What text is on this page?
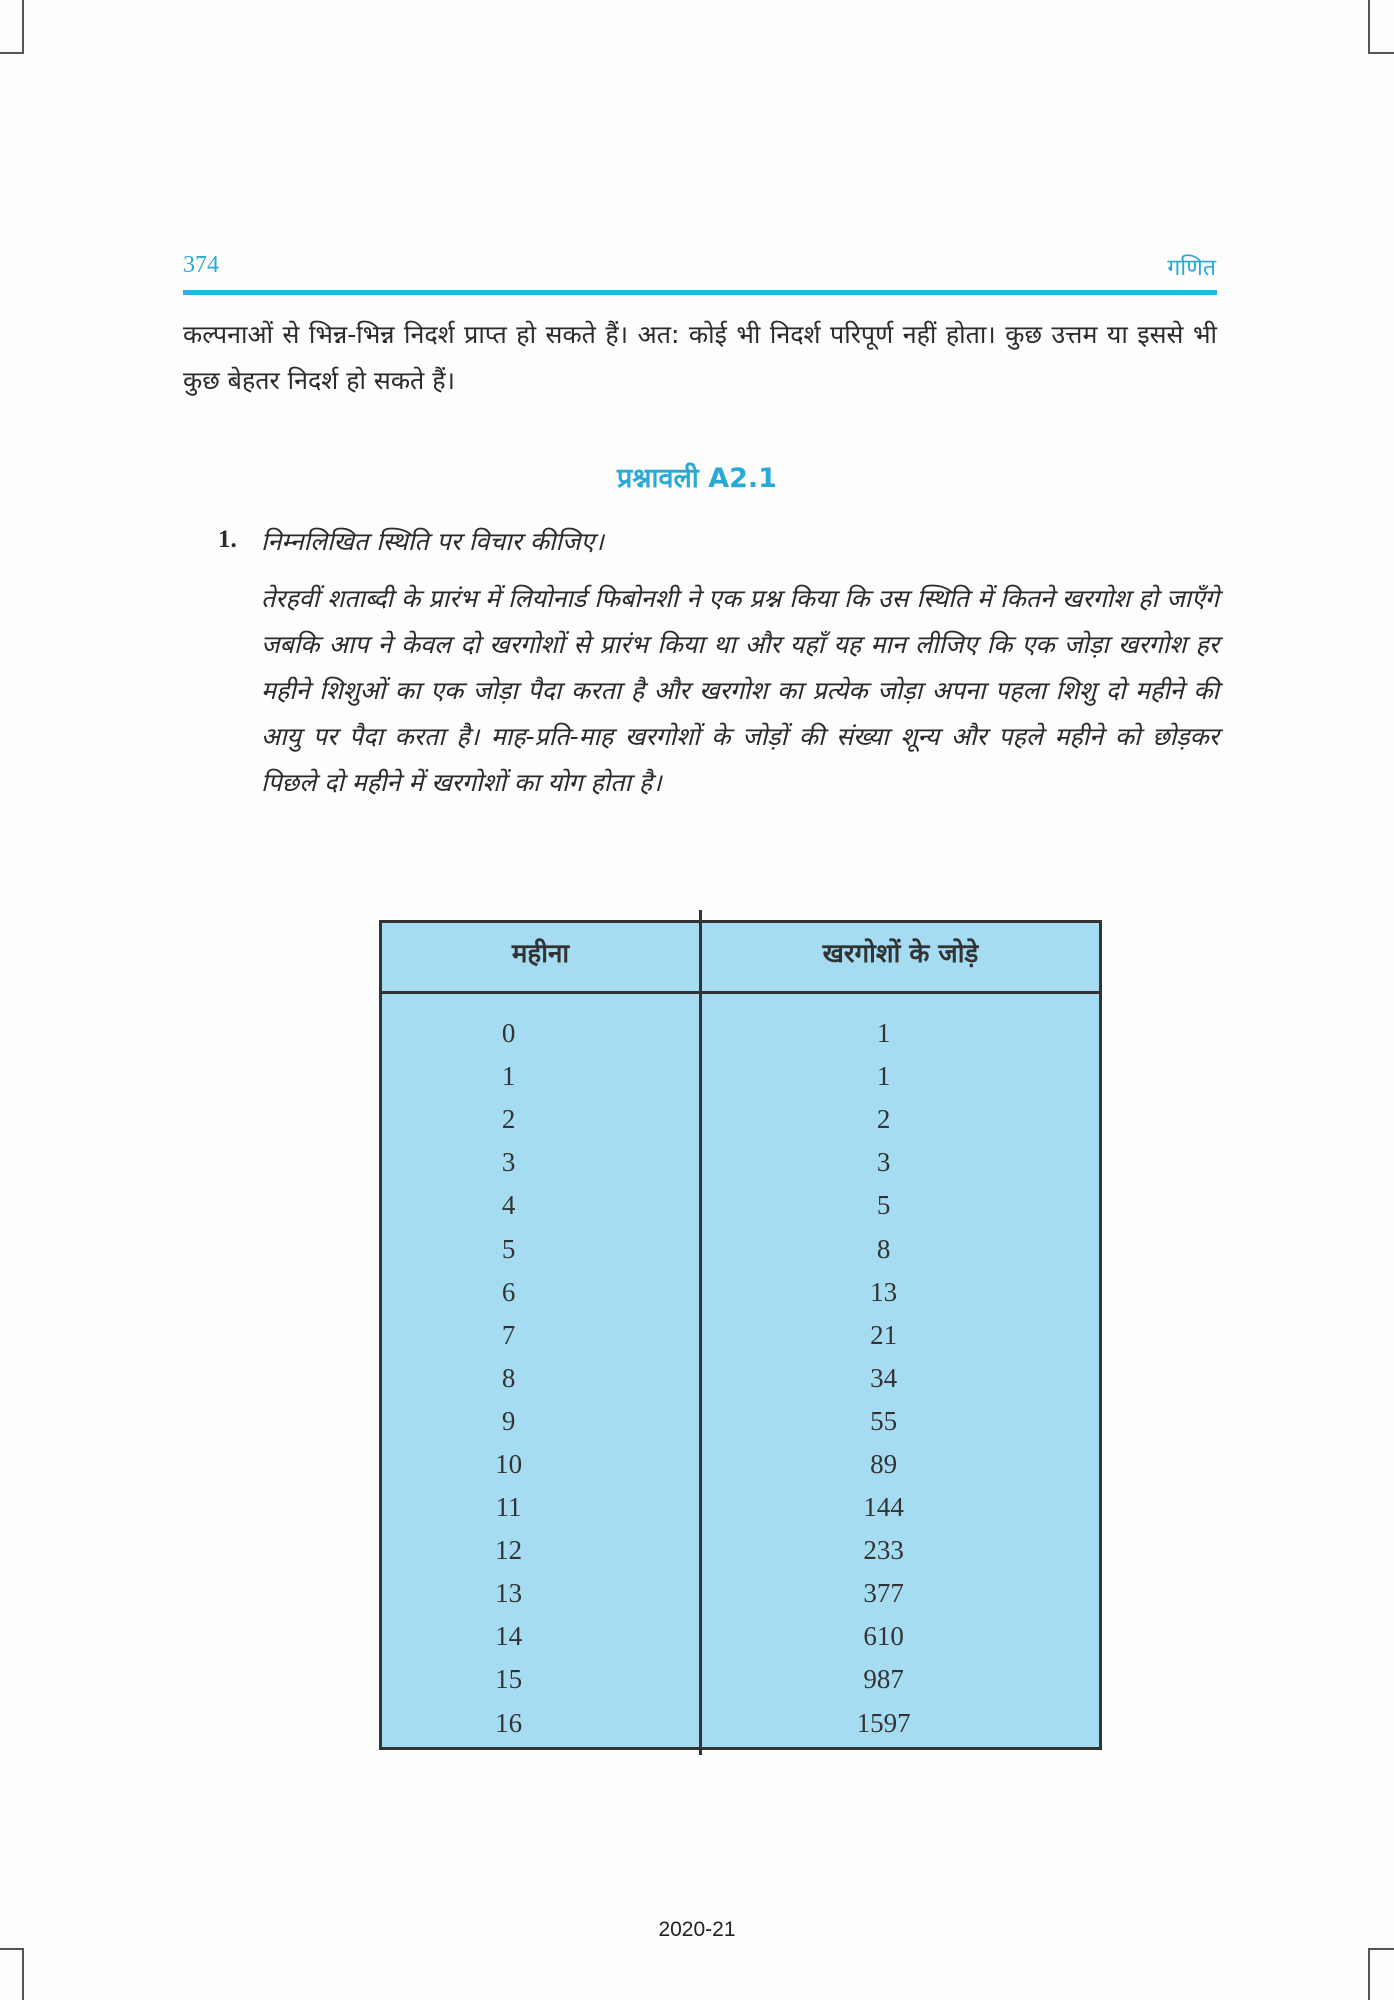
374	गणित
कल्पनाओं से भिन्न-भिन्न निदर्श प्राप्त हो सकते हैं। अत: कोई भी निदर्श परिपूर्ण नहीं होता। कुछ उत्तम या इससे भी कुछ बेहतर निदर्श हो सकते हैं।
प्रश्नावली A2.1
1. निम्नलिखित स्थिति पर विचार कीजिए।
तेरहवीं शताब्दी के प्रारंभ में लियोनार्ड फिबोनशी ने एक प्रश्न किया कि उस स्थिति में कितने खरगोश हो जाएँगे जबकि आप ने केवल दो खरगोशों से प्रारंभ किया था और यहाँ यह मान लीजिए कि एक जोड़ा खरगोश हर महीने शिशुओं का एक जोड़ा पैदा करता है और खरगोश का प्रत्येक जोड़ा अपना पहला शिशु दो महीने की आयु पर पैदा करता है। माह-प्रति-माह खरगोशों के जोड़ों की संख्या शून्य और पहले महीने को छोड़कर पिछले दो महीने में खरगोशों का योग होता है।
महीना	खरगोशों के जोड़े
0	1
1	1
2	2
3	3
4	5
5	8
6	13
7	21
8	34
9	55
10	89
11	144
12	233
13	377
14	610
15	987
16	1597
2020-21
